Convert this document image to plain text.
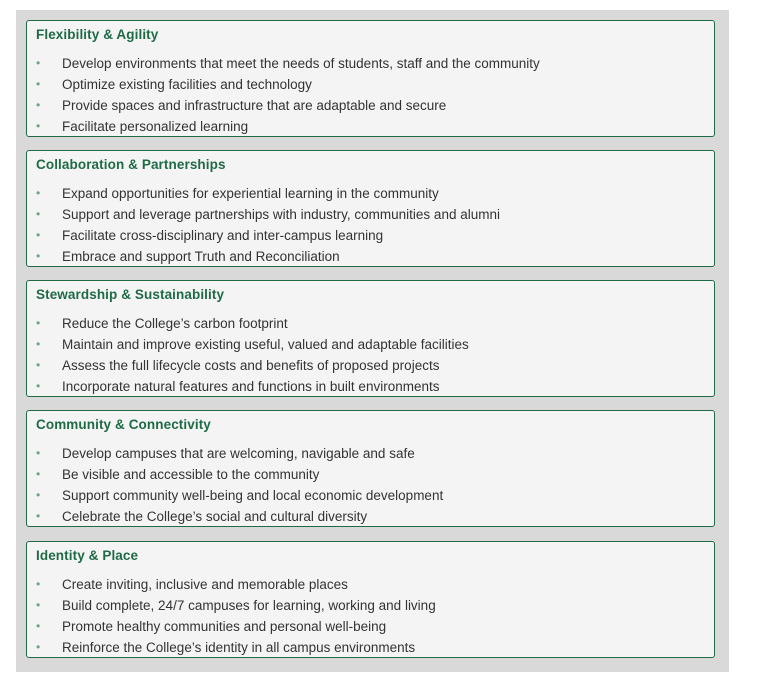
Flexibility & Agility
•	Develop environments that meet the needs of students, staff and the community
•	Optimize existing facilities and technology
•	Provide spaces and infrastructure that are adaptable and secure
•	Facilitate personalized learning
Collaboration & Partnerships
•	Expand opportunities for experiential learning in the community
•	Support and leverage partnerships with industry, communities and alumni
•	Facilitate cross-disciplinary and inter-campus learning
•	Embrace and support Truth and Reconciliation
Stewardship & Sustainability
•	Reduce the College’s carbon footprint
•	Maintain and improve existing useful, valued and adaptable facilities
•	Assess the full lifecycle costs and benefits of proposed projects
•	Incorporate natural features and functions in built environments
Community & Connectivity
•	Develop campuses that are welcoming, navigable and safe
•	Be visible and accessible to the community
•	Support community well-being and local economic development
•	Celebrate the College’s social and cultural diversity
Identity & Place
•	Create inviting, inclusive and memorable places
•	Build complete, 24/7 campuses for learning, working and living
•	Promote healthy communities and personal well-being
•	Reinforce the College’s identity in all campus environments
